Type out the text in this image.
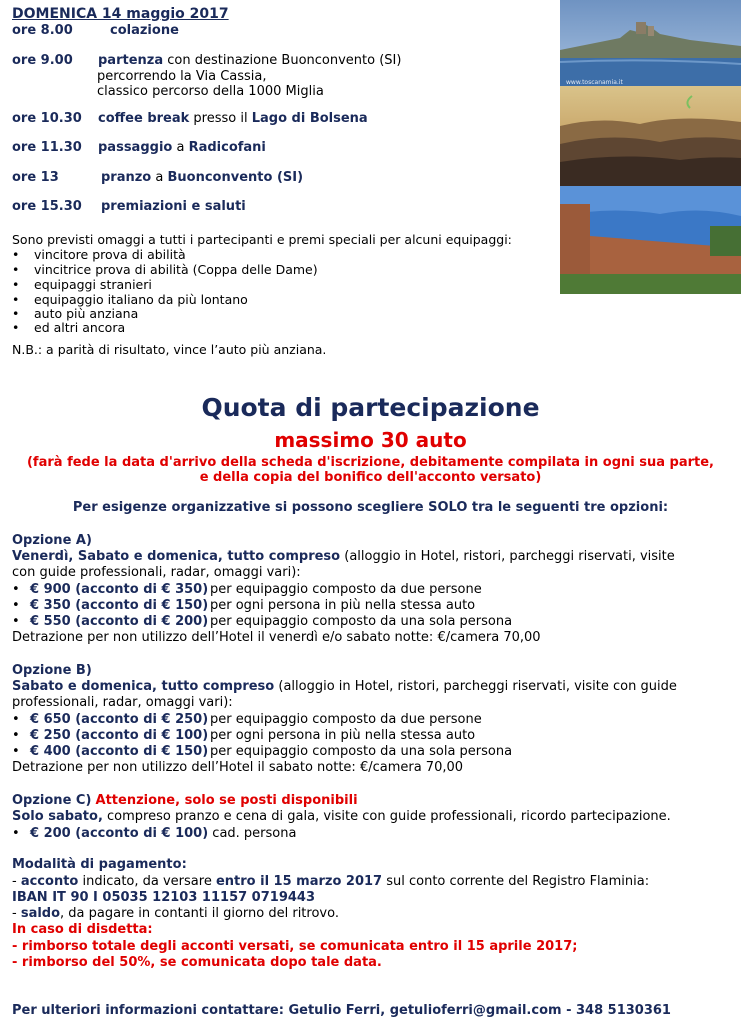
DOMENICA 14 maggio 2017
ore 8.00	colazione
ore 9.00 partenza con destinazione Buonconvento (SI)
percorrendo la Via Cassia,
classico percorso della 1000 Miglia
ore 10.30 coffee break presso il Lago di Bolsena
ore 11.30 passaggio a Radicofani
ore 13	pranzo a Buonconvento (SI)
ore 15.30 premiazioni e saluti
www.toscanamia.it
Sono previsti omaggi a tutti i partecipanti e premi speciali per alcuni equipaggi:
• vincitore prova di abilità
• vincitrice prova di abilità (Coppa delle Dame)
• equipaggi stranieri
• equipaggio italiano da più lontano
• auto più anziana
• ed altri ancora
N.B.: a parità di risultato, vince l’auto più anziana.
Quota di partecipazione
massimo 30 auto
(farà fede la data d'arrivo della scheda d'iscrizione, debitamente compilata in ogni sua parte,
e della copia del bonifico dell'acconto versato)
Per esigenze organizzative si possono scegliere SOLO tra le seguenti tre opzioni:
Opzione A)
Venerdì, Sabato e domenica, tutto compreso (alloggio in Hotel, ristori, parcheggi riservati, visite
con guide professionali, radar, omaggi vari):
• € 900 (acconto di € 350) per equipaggio composto da due persone
• € 350 (acconto di € 150) per ogni persona in più nella stessa auto
• € 550 (acconto di € 200) per equipaggio composto da una sola persona
Detrazione per non utilizzo dell’Hotel il venerdì e/o sabato notte: €/camera 70,00
Opzione B)
Sabato e domenica, tutto compreso (alloggio in Hotel, ristori, parcheggi riservati, visite con guide
professionali, radar, omaggi vari):
• € 650 (acconto di € 250) per equipaggio composto da due persone
• € 250 (acconto di € 100) per ogni persona in più nella stessa auto
• € 400 (acconto di € 150) per equipaggio composto da una sola persona
Detrazione per non utilizzo dell’Hotel il sabato notte: €/camera 70,00
Opzione C) Attenzione, solo se posti disponibili
Solo sabato, compreso pranzo e cena di gala, visite con guide professionali, ricordo partecipazione.
• € 200 (acconto di € 100) cad. persona
Modalità di pagamento:
- acconto indicato, da versare entro il 15 marzo 2017 sul conto corrente del Registro Flaminia:
IBAN IT 90 I 05035 12103 11157 0719443
- saldo, da pagare in contanti il giorno del ritrovo.
In caso di disdetta:
- rimborso totale degli acconti versati, se comunicata entro il 15 aprile 2017;
- rimborso del 50%, se comunicata dopo tale data.
Per ulteriori informazioni contattare: Getulio Ferri, getulioferri@gmail.com - 348 5130361
